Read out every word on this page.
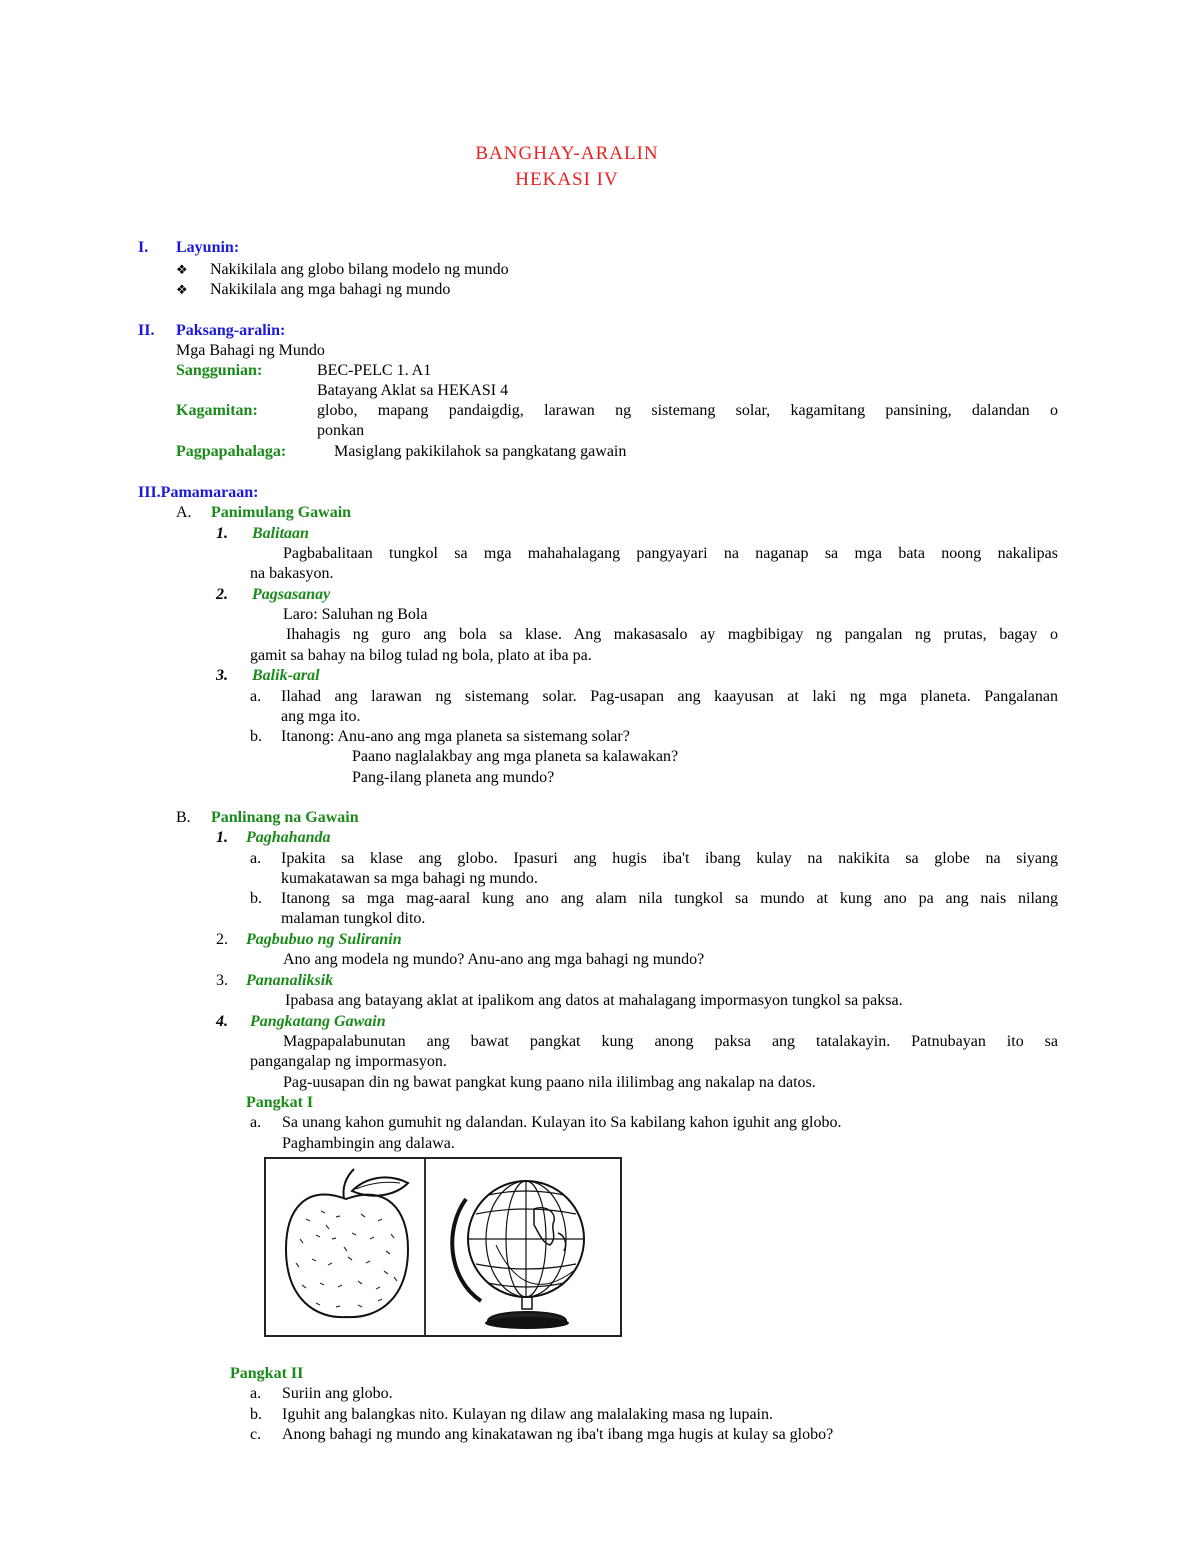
BANGHAY-ARALIN
HEKASI IV
I. Layunin:
❖ Nakikilala ang globo bilang modelo ng mundo
❖ Nakikilala ang mga bahagi ng mundo
II. Paksang-aralin:
Mga Bahagi ng Mundo
Sanggunian:	BEC-PELC 1. A1
Batayang Aklat sa HEKASI 4
Kagamitan:	globo, mapang pandaigdig, larawan ng sistemang solar, kagamitang pansining, dalandan o
ponkan
Pagpapahalaga:	Masiglang pakikilahok sa pangkatang gawain
III.Pamamaraan:
A. Panimulang Gawain
1. Balitaan
Pagbabalitaan tungkol sa mga mahahalagang pangyayari na naganap sa mga bata noong nakalipas
na bakasyon.
2. Pagsasanay
Laro: Saluhan ng Bola
Ihahagis ng guro ang bola sa klase. Ang makasasalo ay magbibigay ng pangalan ng prutas, bagay o
gamit sa bahay na bilog tulad ng bola, plato at iba pa.
3. Balik-aral
a. Ilahad ang larawan ng sistemang solar. Pag-usapan ang kaayusan at laki ng mga planeta. Pangalanan
ang mga ito.
b. Itanong: Anu-ano ang mga planeta sa sistemang solar?
Paano naglalakbay ang mga planeta sa kalawakan?
Pang-ilang planeta ang mundo?
B. Panlinang na Gawain
1. Paghahanda
a. Ipakita sa klase ang globo. Ipasuri ang hugis iba't ibang kulay na nakikita sa globe na siyang
kumakatawan sa mga bahagi ng mundo.
b. Itanong sa mga mag-aaral kung ano ang alam nila tungkol sa mundo at kung ano pa ang nais nilang
malaman tungkol dito.
2. Pagbubuo ng Suliranin
Ano ang modela ng mundo? Anu-ano ang mga bahagi ng mundo?
3. Pananaliksik
Ipabasa ang batayang aklat at ipalikom ang datos at mahalagang impormasyon tungkol sa paksa.
4. Pangkatang Gawain
Magpapalabunutan ang bawat pangkat kung anong paksa ang tatalakayin. Patnubayan ito sa
pangangalap ng impormasyon.
Pag-uusapan din ng bawat pangkat kung paano nila ililimbag ang nakalap na datos.
Pangkat I
a. Sa unang kahon gumuhit ng dalandan. Kulayan ito Sa kabilang kahon iguhit ang globo.
Paghambingin ang dalawa.
Pangkat II
a. Suriin ang globo.
b. Iguhit ang balangkas nito. Kulayan ng dilaw ang malalaking masa ng lupain.
c. Anong bahagi ng mundo ang kinakatawan ng iba't ibang mga hugis at kulay sa globo?
